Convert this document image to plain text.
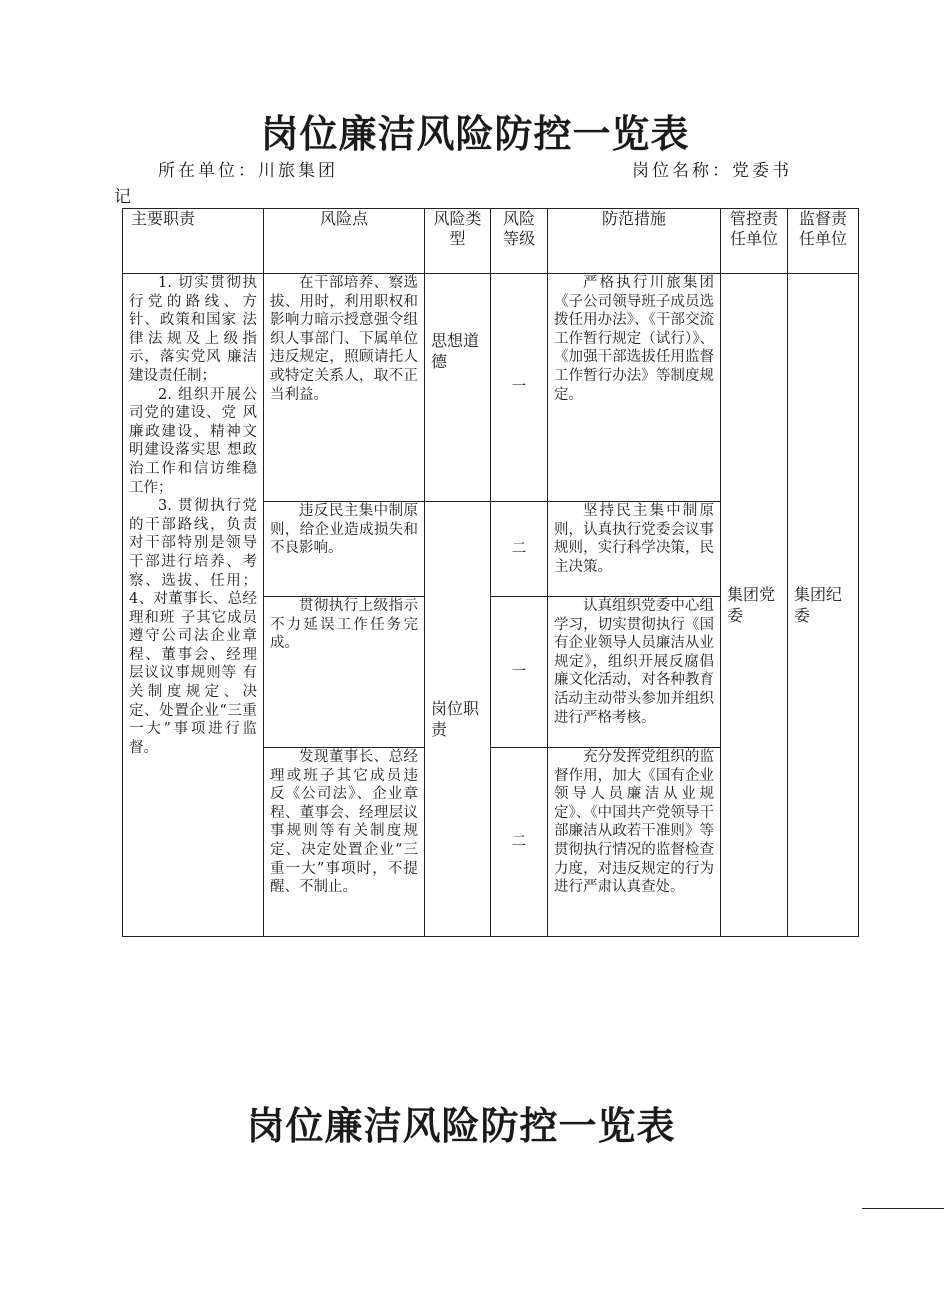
岗位廉洁风险防控一览表
所在单位：川旅集团	岗位名称：党委书
记
主要职责	风险点	风险类型	风险等级	防范措施	管控责任单位	监督责任单位

1. 切实贯彻执行党的路线、方针、政策和国家 法律法规及上级指示，落实党风 廉洁建设责任制；
2. 组织开展公司党的建设、党 风廉政建设、精神文明建设落实思 想政治工作和信访维稳工作；
3. 贯彻执行党的干部路线，负责对干部特别是领导干部进行培养、考察、选拔、任用；4、对董事长、总经理和班 子其它成员遵守公司法企业章 程、董事会、经理层议议事规则等 有关制度规定、决定、处置企业“三重一大”事项进行监督。	在干部培养、察选拔、用时，利用职权和影响力暗示授意强令组织人事部门、下属单位违反规定，照顾请托人或特定关系人，取不正当利益。	思想道德	一	严格执行川旅集团《子公司领导班子成员选拨任用办法》、《干部交流工作暂行规定（试行）》、《加强干部选拔任用监督工作暂行办法》等制度规定。	集团党委	集团纪委
	违反民主集中制原则，给企业造成损失和不良影响。	岗位职责	二	坚持民主集中制原则，认真执行党委会议事规则，实行科学决策，民主决策。		
	贯彻执行上级指示不力延误工作任务完成。		一	认真组织党委中心组学习，切实贯彻执行《国有企业领导人员廉洁从业规定》，组织开展反腐倡廉文化活动，对各种教育活动主动带头参加并组织进行严格考核。		
	发现董事长、总经理或班子其它成员违 反《公司法》、企业章程、董事会、经理层议事规则等有关制度规定、决定处置企业“三重一大”事项时，不提醒、不制止。		二	充分发挥党组织的监督作用，加大《国有企业领导人员廉洁从业规定》、《中国共产党领导干部廉洁从政若干准则》等贯彻执行情况的监督检查力度，对违反规定的行为进行严肃认真查处。		
岗位廉洁风险防控一览表
